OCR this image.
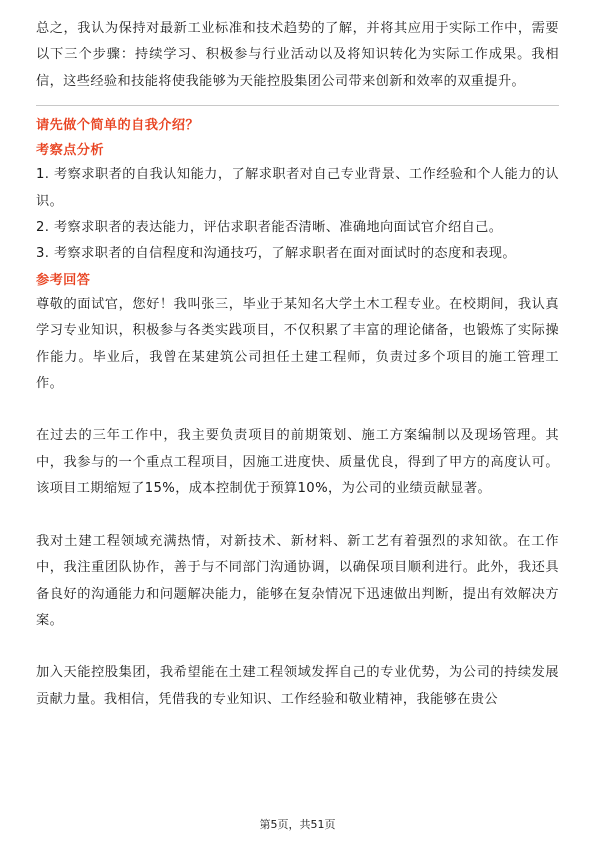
总之，我认为保持对最新工业标准和技术趋势的了解，并将其应用于实际工作中，需要以下三个步骤：持续学习、积极参与行业活动以及将知识转化为实际工作成果。我相信，这些经验和技能将使我能够为天能控股集团公司带来创新和效率的双重提升。

请先做个简单的自我介绍？

考察点分析

1. 考察求职者的自我认知能力，了解求职者对自己专业背景、工作经验和个人能力的认识。

2. 考察求职者的表达能力，评估求职者能否清晰、准确地向面试官介绍自己。

3. 考察求职者的自信程度和沟通技巧，了解求职者在面对面试时的态度和表现。

参考回答

尊敬的面试官，您好！我叫张三，毕业于某知名大学土木工程专业。在校期间，我认真学习专业知识，积极参与各类实践项目，不仅积累了丰富的理论储备，也锻炼了实际操作能力。毕业后，我曾在某建筑公司担任土建工程师，负责过多个项目的施工管理工作。

在过去的三年工作中，我主要负责项目的前期策划、施工方案编制以及现场管理。其中，我参与的一个重点工程项目，因施工进度快、质量优良，得到了甲方的高度认可。该项目工期缩短了15%，成本控制优于预算10%，为公司的业绩贡献显著。

我对土建工程领域充满热情，对新技术、新材料、新工艺有着强烈的求知欲。在工作中，我注重团队协作，善于与不同部门沟通协调，以确保项目顺利进行。此外，我还具备良好的沟通能力和问题解决能力，能够在复杂情况下迅速做出判断，提出有效解决方案。

加入天能控股集团，我希望能在土建工程领域发挥自己的专业优势，为公司的持续发展贡献力量。我相信，凭借我的专业知识、工作经验和敬业精神，我能够在贵公

第5页，共51页
